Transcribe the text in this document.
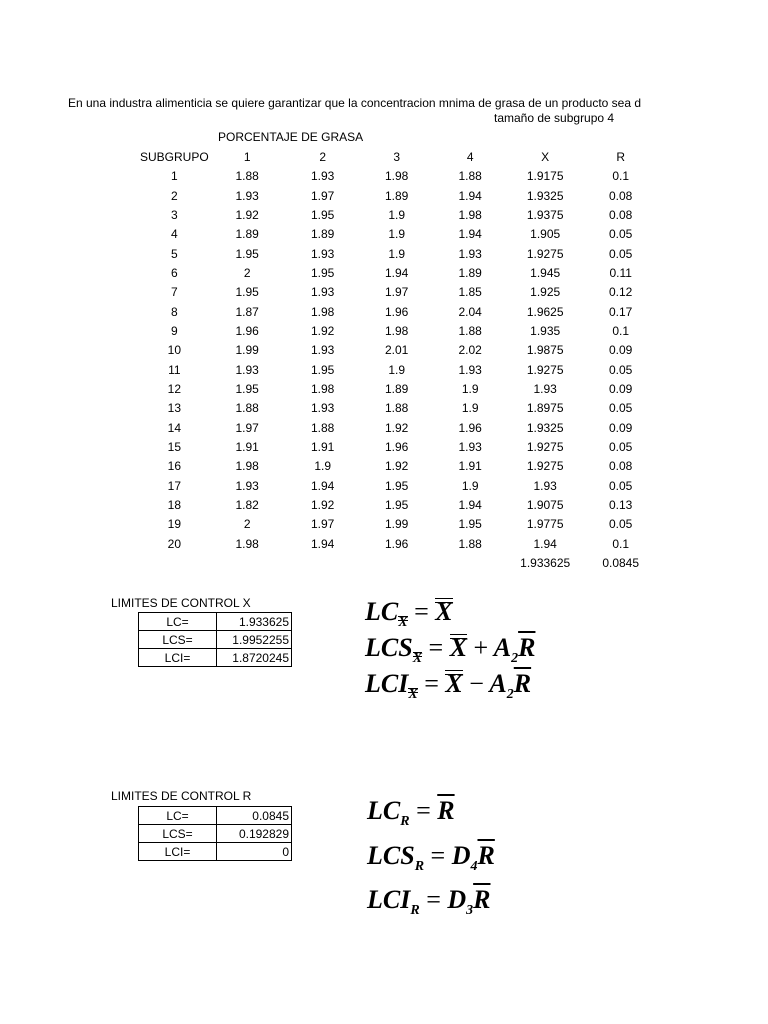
En una industra alimenticia se quiere garantizar que la concentracion mnima de grasa de un producto sea d
tamaño de subgrupo 4
PORCENTAJE DE GRASA
SUBGRUPO	1	2	3	4	X	R
1	1.88	1.93	1.98	1.88	1.9175	0.1
2	1.93	1.97	1.89	1.94	1.9325	0.08
3	1.92	1.95	1.9	1.98	1.9375	0.08
4	1.89	1.89	1.9	1.94	1.905	0.05
5	1.95	1.93	1.9	1.93	1.9275	0.05
6	2	1.95	1.94	1.89	1.945	0.11
7	1.95	1.93	1.97	1.85	1.925	0.12
8	1.87	1.98	1.96	2.04	1.9625	0.17
9	1.96	1.92	1.98	1.88	1.935	0.1
10	1.99	1.93	2.01	2.02	1.9875	0.09
11	1.93	1.95	1.9	1.93	1.9275	0.05
12	1.95	1.98	1.89	1.9	1.93	0.09
13	1.88	1.93	1.88	1.9	1.8975	0.05
14	1.97	1.88	1.92	1.96	1.9325	0.09
15	1.91	1.91	1.96	1.93	1.9275	0.05
16	1.98	1.9	1.92	1.91	1.9275	0.08
17	1.93	1.94	1.95	1.9	1.93	0.05
18	1.82	1.92	1.95	1.94	1.9075	0.13
19	2	1.97	1.99	1.95	1.9775	0.05
20	1.98	1.94	1.96	1.88	1.94	0.1
					1.933625	0.0845
LIMITES DE CONTROL X
LC=	1.933625
LCS=	1.9952255
LCI=	1.8720245
$LC_X = X$
$LCS_X = X + A_2\overline{R}$
$LCI_X = X - A_2\overline{R}$
LIMITES DE CONTROL R
LC=	0.0845
LCS=	0.192829
LCI=	0
$LC_R = \overline{R}$
$LCS_R = D_4\overline{R}$
$LCI_R = D_3\overline{R}$
